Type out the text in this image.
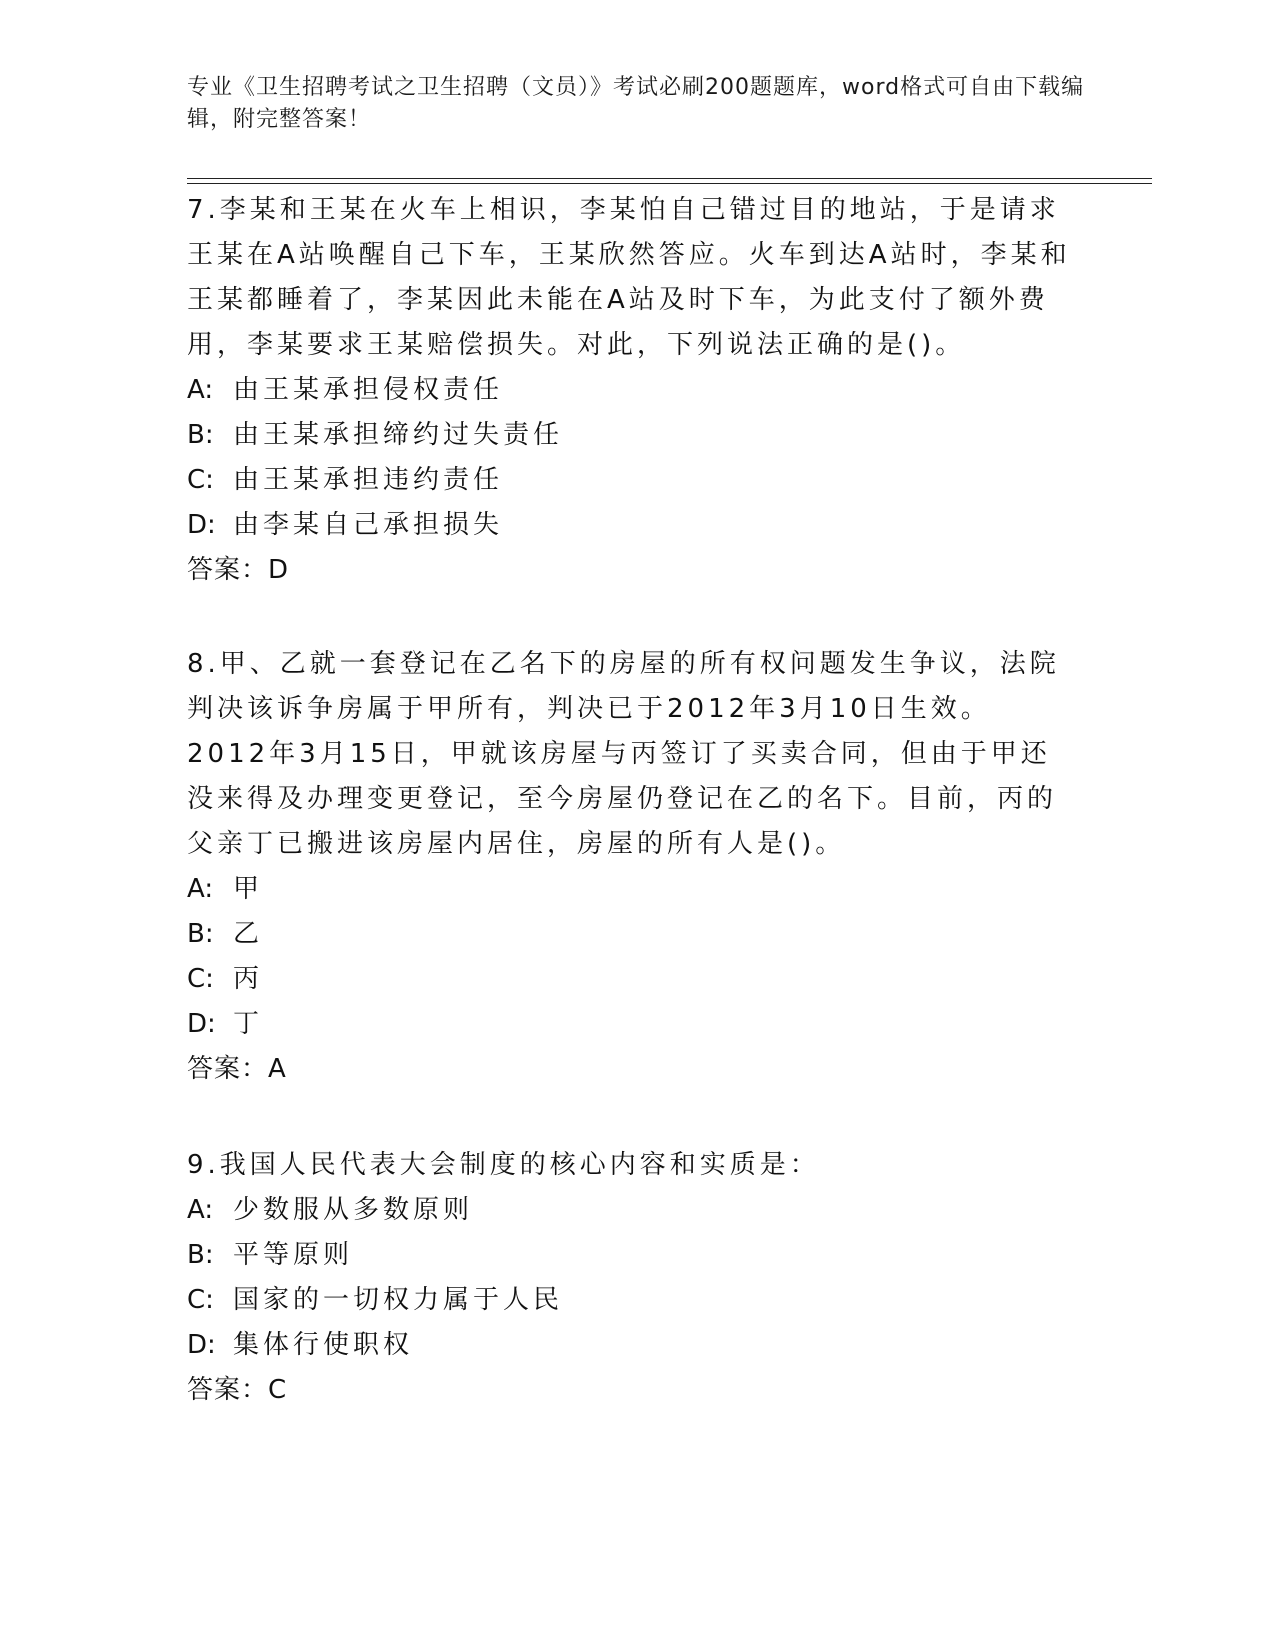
专业《卫生招聘考试之卫生招聘（文员）》考试必刷200题题库，word格式可自由下载编辑，附完整答案！

7.李某和王某在火车上相识，李某怕自己错过目的地站，于是请求王某在A站唤醒自己下车，王某欣然答应。火车到达A站时，李某和王某都睡着了，李某因此未能在A站及时下车，为此支付了额外费用，李某要求王某赔偿损失。对此，下列说法正确的是()。

A: 由王某承担侵权责任
B: 由王某承担缔约过失责任
C: 由王某承担违约责任
D: 由李某自己承担损失
答案：D

8.甲、乙就一套登记在乙名下的房屋的所有权问题发生争议，法院判决该诉争房属于甲所有，判决已于2012年3月10日生效。2012年3月15日，甲就该房屋与丙签订了买卖合同，但由于甲还没来得及办理变更登记，至今房屋仍登记在乙的名下。目前，丙的父亲丁已搬进该房屋内居住，房屋的所有人是()。

A: 甲
B: 乙
C: 丙
D: 丁
答案：A

9.我国人民代表大会制度的核心内容和实质是：

A: 少数服从多数原则
B: 平等原则
C: 国家的一切权力属于人民
D: 集体行使职权
答案：C
